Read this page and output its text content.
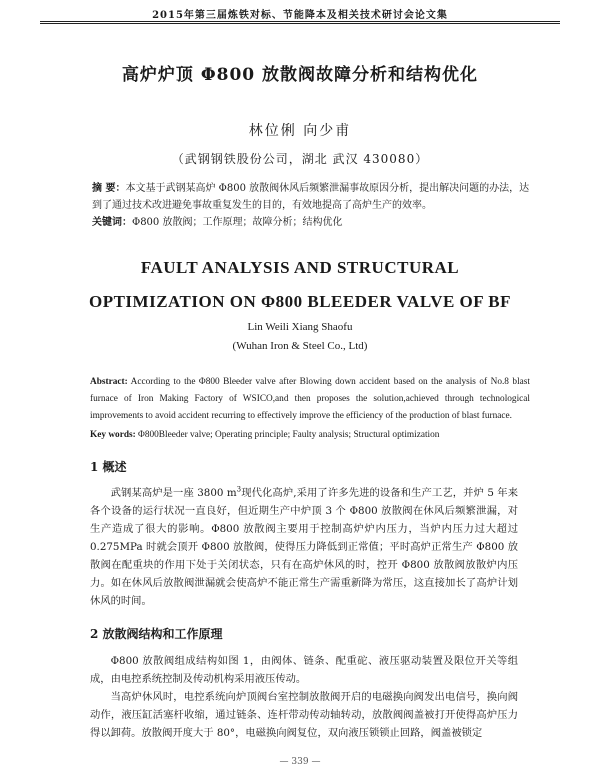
2015年第三届炼铁对标、节能降本及相关技术研讨会论文集
高炉炉顶 Φ800 放散阀故障分析和结构优化
林位俐 向少甫
（武钢钢铁股份公司，湖北 武汉 430080）
摘 要：本文基于武钢某高炉 Φ800 放散阀休风后频繁泄漏事故原因分析，提出解决问题的办法，达到了通过技术改进避免事故重复发生的目的，有效地提高了高炉生产的效率。
关键词：Φ800 放散阀；工作原理；故障分析；结构优化
FAULT ANALYSIS AND STRUCTURAL
OPTIMIZATION ON Φ800 BLEEDER VALVE OF BF
Lin Weili Xiang Shaofu
(Wuhan Iron & Steel Co., Ltd)
Abstract: According to the Φ800 Bleeder valve after Blowing down accident based on the analysis of No.8 blast furnace of Iron Making Factory of WSICO,and then proposes the solution,achieved through technological improvements to avoid accident recurring to effectively improve the efficiency of the production of blast furnace.
Key words: Φ800Bleeder valve; Operating principle; Faulty analysis; Structural optimization
1 概述

武钢某高炉是一座 3800 $m^3$现代化高炉,采用了许多先进的设备和生产工艺，并炉 5 年来各个设备的运行状况一直良好，但近期生产中炉顶 3 个 Φ800 放散阀在休风后频繁泄漏，对生产造成了很大的影响。Φ800 放散阀主要用于控制高炉炉内压力，当炉内压力过大超过 0.275MPa 时就会顶开 Φ800 放散阀，使得压力降低到正常值；平时高炉正常生产 Φ800 放散阀在配重块的作用下处于关闭状态，只有在高炉休风的时，控开 Φ800 放散阀放散炉内压力。如在休风后放散阀泄漏就会使高炉不能正常生产需重新降为常压，这直接加长了高炉计划休风的时间。

2 放散阀结构和工作原理

Φ800 放散阀组成结构如图 1，由阀体、链条、配重砣、液压驱动装置及限位开关等组成，由电控系统控制及传动机构采用液压传动。

当高炉休风时，电控系统向炉顶阀台室控制放散阀开启的电磁换向阀发出电信号，换向阀动作，液压缸活塞杆收缩，通过链条、连杆带动传动轴转动，放散阀阀盖被打开使得高炉压力得以卸荷。放散阀开度大于 80°，电磁换向阀复位，双向液压锁锁止回路，阀盖被锁定

— 339 —
